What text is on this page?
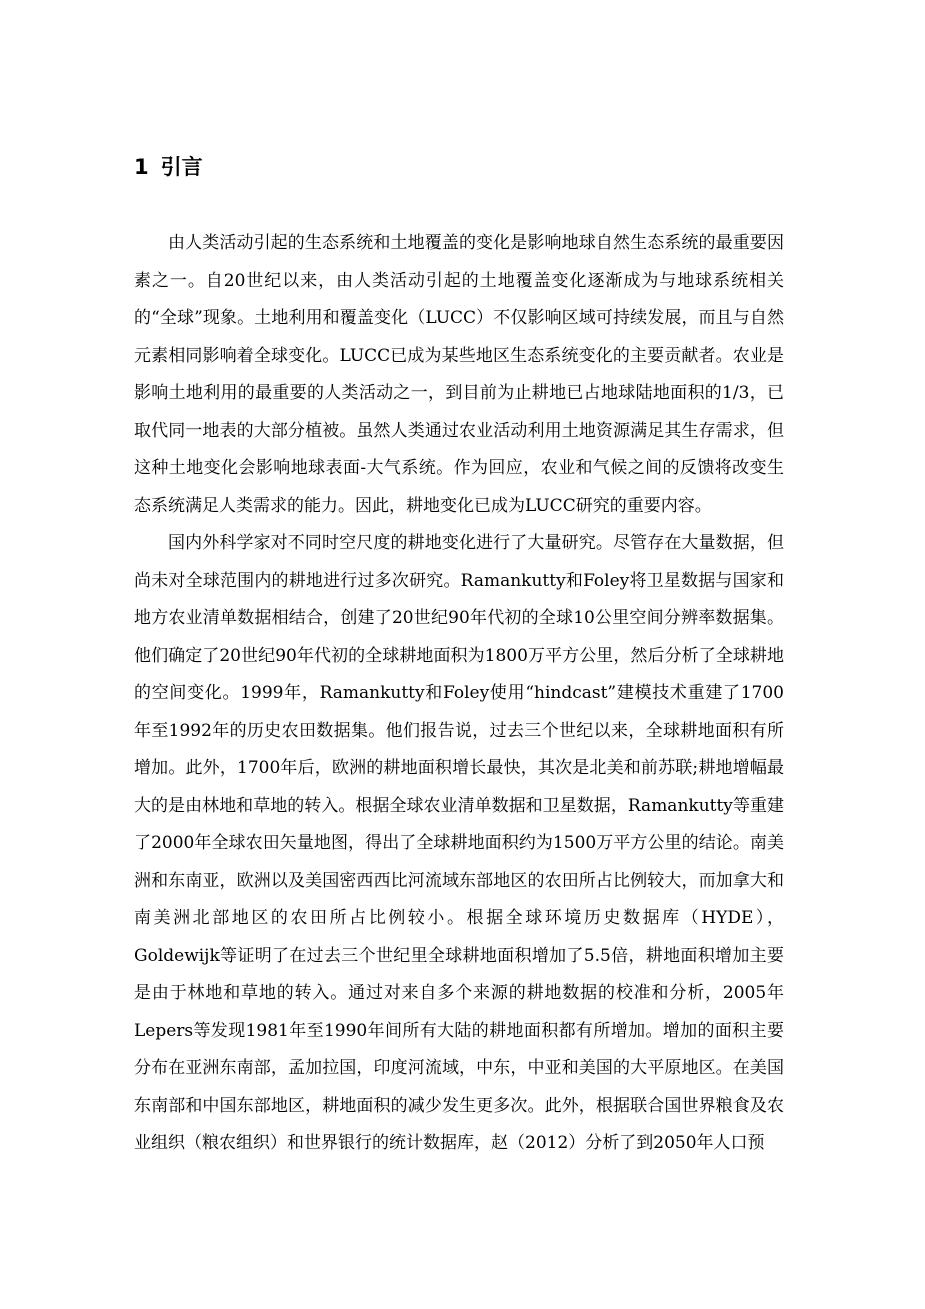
1 引言

由人类活动引起的生态系统和土地覆盖的变化是影响地球自然生态系统的最重要因素之一。自20世纪以来，由人类活动引起的土地覆盖变化逐渐成为与地球系统相关的“全球”现象。土地利用和覆盖变化（LUCC）不仅影响区域可持续发展，而且与自然元素相同影响着全球变化。LUCC已成为某些地区生态系统变化的主要贡献者。农业是影响土地利用的最重要的人类活动之一，到目前为止耕地已占地球陆地面积的1/3，已取代同一地表的大部分植被。虽然人类通过农业活动利用土地资源满足其生存需求，但这种土地变化会影响地球表面-大气系统。作为回应，农业和气候之间的反馈将改变生态系统满足人类需求的能力。因此，耕地变化已成为LUCC研究的重要内容。

国内外科学家对不同时空尺度的耕地变化进行了大量研究。尽管存在大量数据，但尚未对全球范围内的耕地进行过多次研究。Ramankutty和Foley将卫星数据与国家和地方农业清单数据相结合，创建了20世纪90年代初的全球10公里空间分辨率数据集。他们确定了20世纪90年代初的全球耕地面积为1800万平方公里，然后分析了全球耕地的空间变化。1999年，Ramankutty和Foley使用“hindcast”建模技术重建了1700年至1992年的历史农田数据集。他们报告说，过去三个世纪以来，全球耕地面积有所增加。此外，1700年后，欧洲的耕地面积增长最快，其次是北美和前苏联;耕地增幅最大的是由林地和草地的转入。根据全球农业清单数据和卫星数据，Ramankutty等重建了2000年全球农田矢量地图，得出了全球耕地面积约为1500万平方公里的结论。南美洲和东南亚，欧洲以及美国密西西比河流域东部地区的农田所占比例较大，而加拿大和南美洲北部地区的农田所占比例较小。根据全球环境历史数据库（HYDE），Goldewijk等证明了在过去三个世纪里全球耕地面积增加了5.5倍，耕地面积增加主要是由于林地和草地的转入。通过对来自多个来源的耕地数据的校准和分析，2005年Lepers等发现1981年至1990年间所有大陆的耕地面积都有所增加。增加的面积主要分布在亚洲东南部，孟加拉国，印度河流域，中东，中亚和美国的大平原地区。在美国东南部和中国东部地区，耕地面积的减少发生更多次。此外，根据联合国世界粮食及农业组织（粮农组织）和世界银行的统计数据库，赵（2012）分析了到2050年人口预
